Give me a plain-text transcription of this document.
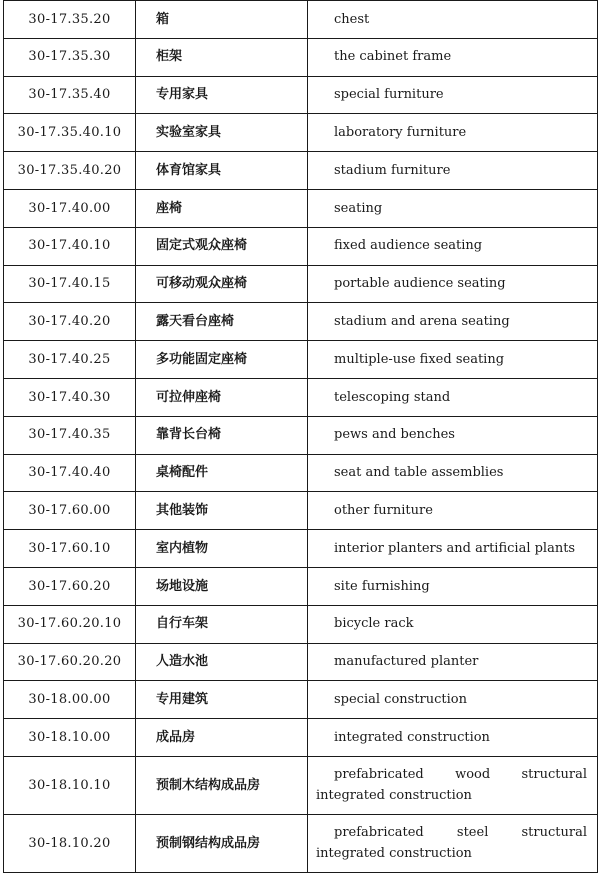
30-17.35.20	箱	chest
30-17.35.30	柜架	the cabinet frame
30-17.35.40	专用家具	special furniture
30-17.35.40.10	实验室家具	laboratory furniture
30-17.35.40.20	体育馆家具	stadium furniture
30-17.40.00	座椅	seating
30-17.40.10	固定式观众座椅	fixed audience seating
30-17.40.15	可移动观众座椅	portable audience seating
30-17.40.20	露天看台座椅	stadium and arena seating
30-17.40.25	多功能固定座椅	multiple-use fixed seating
30-17.40.30	可拉伸座椅	telescoping stand
30-17.40.35	靠背长台椅	pews and benches
30-17.40.40	桌椅配件	seat and table assemblies
30-17.60.00	其他装饰	other furniture
30-17.60.10	室内植物	interior planters and artificial plants
30-17.60.20	场地设施	site furnishing
30-17.60.20.10	自行车架	bicycle rack
30-17.60.20.20	人造水池	manufactured planter
30-18.00.00	专用建筑	special construction
30-18.10.00	成品房	integrated construction
30-18.10.10	预制木结构成品房	prefabricated wood structural integrated construction
30-18.10.20	预制钢结构成品房	prefabricated steel structural integrated construction
